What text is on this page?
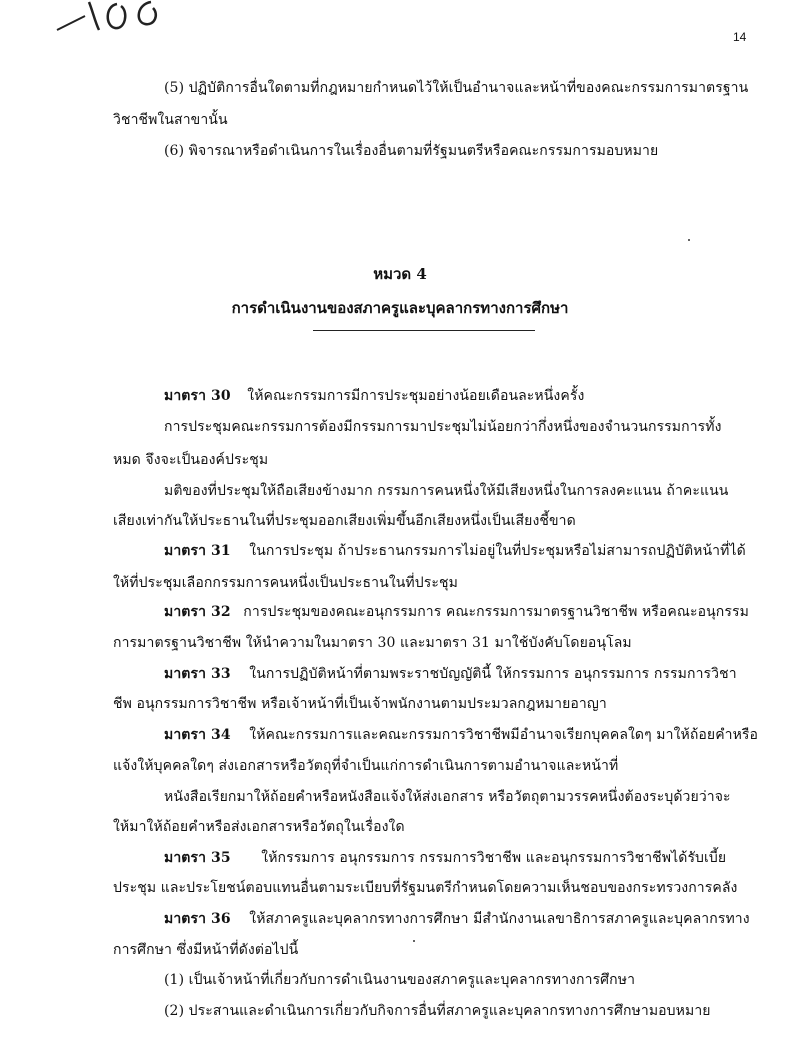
14
(5) ปฏิบัติการอื่นใดตามที่กฎหมายกำหนดไว้ให้เป็นอำนาจและหน้าที่ของคณะกรรมการมาตรฐาน
วิชาชีพในสาขานั้น
(6) พิจารณาหรือดำเนินการในเรื่องอื่นตามที่รัฐมนตรีหรือคณะกรรมการมอบหมาย
หมวด 4
การดำเนินงานของสภาครูและบุคลากรทางการศึกษา
มาตรา 30 ให้คณะกรรมการมีการประชุมอย่างน้อยเดือนละหนึ่งครั้ง
การประชุมคณะกรรมการต้องมีกรรมการมาประชุมไม่น้อยกว่ากึ่งหนึ่งของจำนวนกรรมการทั้ง
หมด จึงจะเป็นองค์ประชุม
มติของที่ประชุมให้ถือเสียงข้างมาก กรรมการคนหนึ่งให้มีเสียงหนึ่งในการลงคะแนน ถ้าคะแนน
เสียงเท่ากันให้ประธานในที่ประชุมออกเสียงเพิ่มขึ้นอีกเสียงหนึ่งเป็นเสียงชี้ขาด
มาตรา 31 ในการประชุม ถ้าประธานกรรมการไม่อยู่ในที่ประชุมหรือไม่สามารถปฏิบัติหน้าที่ได้
ให้ที่ประชุมเลือกกรรมการคนหนึ่งเป็นประธานในที่ประชุม
มาตรา 32 การประชุมของคณะอนุกรรมการ คณะกรรมการมาตรฐานวิชาชีพ หรือคณะอนุกรรม
การมาตรฐานวิชาชีพ ให้นำความในมาตรา 30 และมาตรา 31 มาใช้บังคับโดยอนุโลม
มาตรา 33 ในการปฏิบัติหน้าที่ตามพระราชบัญญัตินี้ ให้กรรมการ อนุกรรมการ กรรมการวิชา
ชีพ อนุกรรมการวิชาชีพ หรือเจ้าหน้าที่เป็นเจ้าพนักงานตามประมวลกฎหมายอาญา
มาตรา 34 ให้คณะกรรมการและคณะกรรมการวิชาชีพมีอำนาจเรียกบุคคลใดๆ มาให้ถ้อยคำหรือ
แจ้งให้บุคคลใดๆ ส่งเอกสารหรือวัตถุที่จำเป็นแก่การดำเนินการตามอำนาจและหน้าที่
หนังสือเรียกมาให้ถ้อยคำหรือหนังสือแจ้งให้ส่งเอกสาร หรือวัตถุตามวรรคหนึ่งต้องระบุด้วยว่าจะ
ให้มาให้ถ้อยคำหรือส่งเอกสารหรือวัตถุในเรื่องใด
มาตรา 35 ให้กรรมการ อนุกรรมการ กรรมการวิชาชีพ และอนุกรรมการวิชาชีพได้รับเบี้ย
ประชุม และประโยชน์ตอบแทนอื่นตามระเบียบที่รัฐมนตรีกำหนดโดยความเห็นชอบของกระทรวงการคลัง
มาตรา 36 ให้สภาครูและบุคลากรทางการศึกษา มีสำนักงานเลขาธิการสภาครูและบุคลากรทาง
การศึกษา ซึ่งมีหน้าที่ดังต่อไปนี้
(1) เป็นเจ้าหน้าที่เกี่ยวกับการดำเนินงานของสภาครูและบุคลากรทางการศึกษา
(2) ประสานและดำเนินการเกี่ยวกับกิจการอื่นที่สภาครูและบุคลากรทางการศึกษามอบหมาย
